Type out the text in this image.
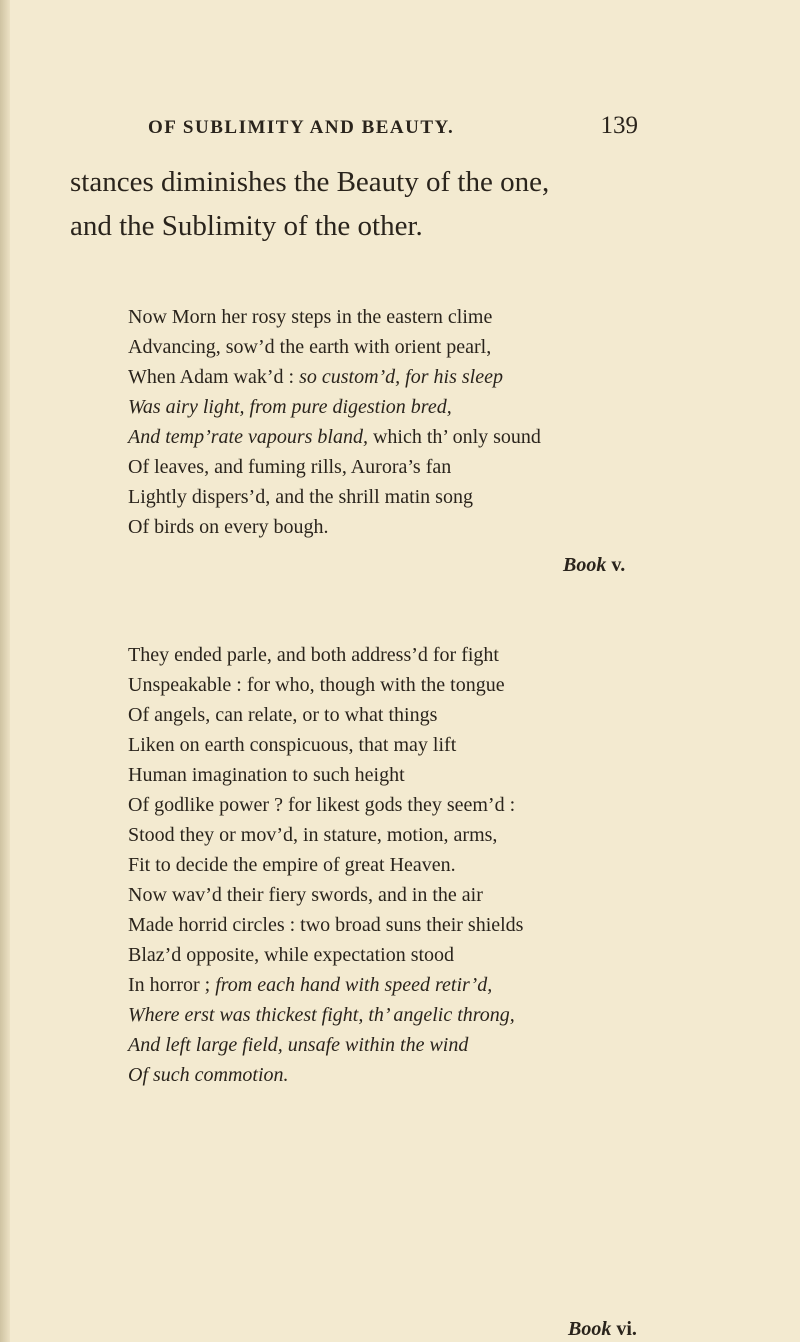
OF SUBLIMITY AND BEAUTY.	139
stances diminishes the Beauty of the one,
and the Sublimity of the other.
Now Morn her rosy steps in the eastern clime
Advancing, sow’d the earth with orient pearl,
When Adam wak’d : so custom’d, for his sleep
Was airy light, from pure digestion bred,
And temp’rate vapours bland, which th’ only sound
Of leaves, and fuming rills, Aurora’s fan
Lightly dispers’d, and the shrill matin song
Of birds on every bough.
Book v.
They ended parle, and both address’d for fight
Unspeakable : for who, though with the tongue
Of angels, can relate, or to what things
Liken on earth conspicuous, that may lift
Human imagination to such height
Of godlike power ? for likest gods they seem’d :
Stood they or mov’d, in stature, motion, arms,
Fit to decide the empire of great Heaven.
Now wav’d their fiery swords, and in the air
Made horrid circles : two broad suns their shields
Blaz’d opposite, while expectation stood
In horror ; from each hand with speed retir’d,
Where erst was thickest fight, th’ angelic throng,
And left large field, unsafe within the wind
Of such commotion.
Book vi.
